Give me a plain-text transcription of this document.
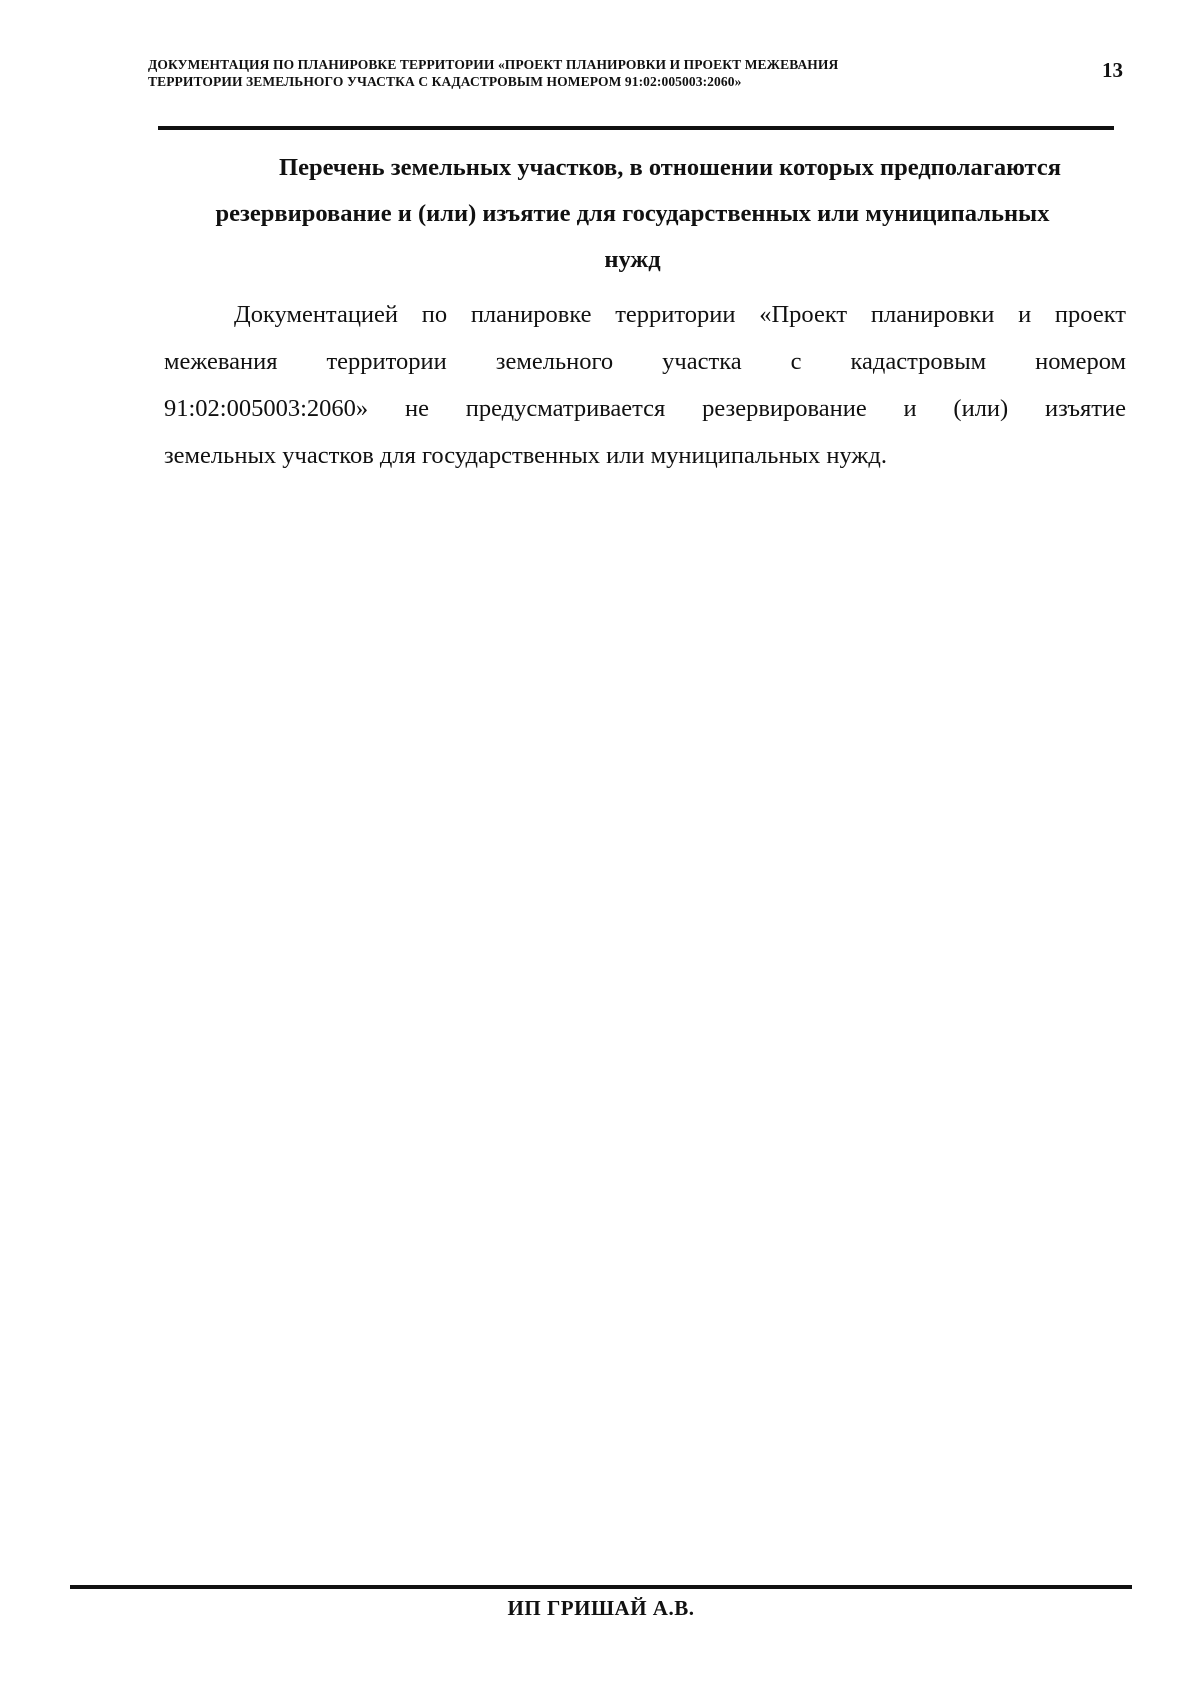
ДОКУМЕНТАЦИЯ ПО ПЛАНИРОВКЕ ТЕРРИТОРИИ «ПРОЕКТ ПЛАНИРОВКИ И ПРОЕКТ МЕЖЕВАНИЯ
ТЕРРИТОРИИ ЗЕМЕЛЬНОГО УЧАСТКА С КАДАСТРОВЫМ НОМЕРОМ 91:02:005003:2060»	13
Перечень земельных участков, в отношении которых предполагаются
резервирование и (или) изъятие для государственных или муниципальных
нужд
Документацией по планировке территории «Проект планировки и проект
межевания территории земельного участка с кадастровым номером
91:02:005003:2060» не предусматривается резервирование и (или) изъятие
земельных участков для государственных или муниципальных нужд.
ИП ГРИШАЙ А.В.
